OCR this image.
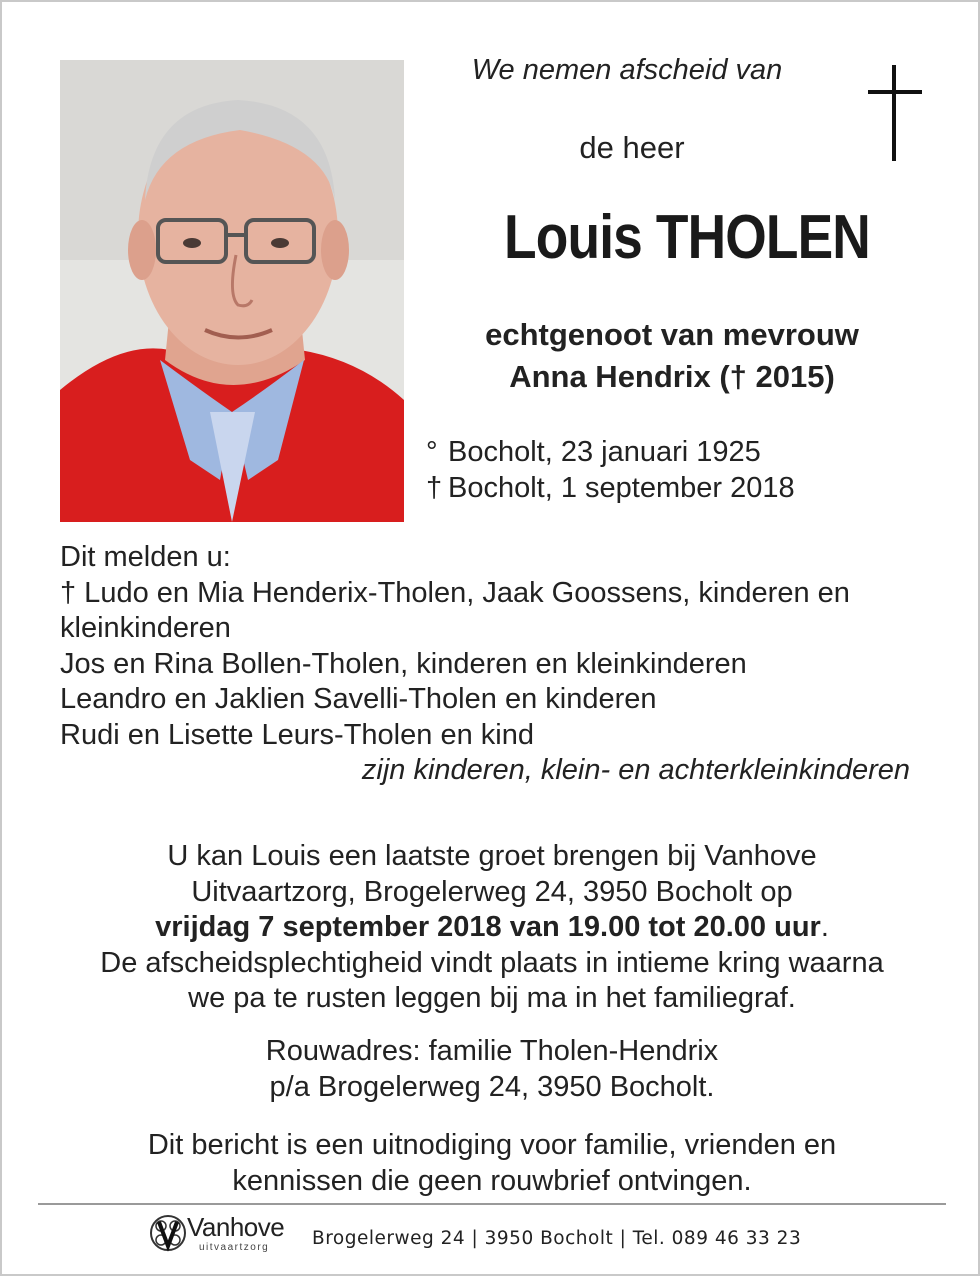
We nemen afscheid van
de heer
Louis THOLEN
echtgenoot van mevrouw
Anna Hendrix († 2015)
° Bocholt, 23 januari 1925
† Bocholt, 1 september 2018
Dit melden u:
† Ludo en Mia Henderix-Tholen, Jaak Goossens, kinderen en kleinkinderen
Jos en Rina Bollen-Tholen, kinderen en kleinkinderen
Leandro en Jaklien Savelli-Tholen en kinderen
Rudi en Lisette Leurs-Tholen en kind
zijn kinderen, klein- en achterkleinkinderen
U kan Louis een laatste groet brengen bij Vanhove
Uitvaartzorg, Brogelerweg 24, 3950 Bocholt op
vrijdag 7 september 2018 van 19.00 tot 20.00 uur.
De afscheidsplechtigheid vindt plaats in intieme kring waarna
we pa te rusten leggen bij ma in het familiegraf.
Rouwadres: familie Tholen-Hendrix
p/a Brogelerweg 24, 3950 Bocholt.
Dit bericht is een uitnodiging voor familie, vrienden en
kennissen die geen rouwbrief ontvingen.
Vanhove
uitvaartzorg Brogelerweg 24 | 3950 Bocholt | Tel. 089 46 33 23
